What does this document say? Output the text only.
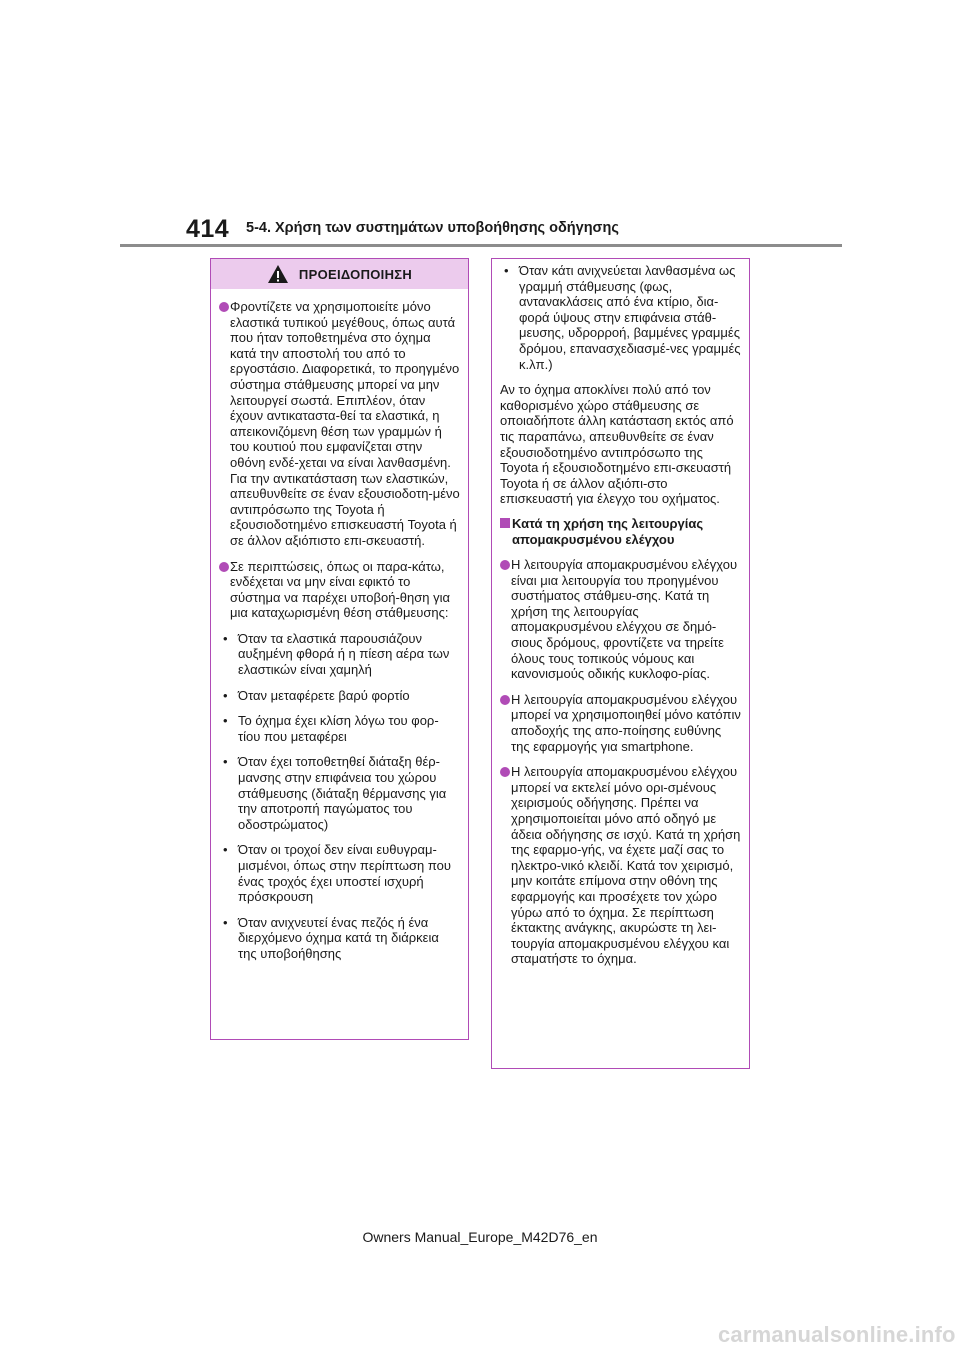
414 5-4. Χρήση των συστημάτων υποβοήθησης οδήγησης
ΠΡΟΕΙΔΟΠΟΙΗΣΗ
Φροντίζετε να χρησιμοποιείτε μόνο ελαστικά τυπικού μεγέθους, όπως αυτά που ήταν τοποθετημένα στο όχημα κατά την αποστολή του από το εργοστάσιο. Διαφορετικά, το προηγμένο σύστημα στάθμευσης μπορεί να μην λειτουργεί σωστά. Επιπλέον, όταν έχουν αντικαταστα-θεί τα ελαστικά, η απεικονιζόμενη θέση των γραμμών ή του κουτιού που εμφανίζεται στην οθόνη ενδέ-χεται να είναι λανθασμένη. Για την αντικατάσταση των ελαστικών, απευθυνθείτε σε έναν εξουσιοδοτη-μένο αντιπρόσωπο της Toyota ή εξουσιοδοτημένο επισκευαστή Toyota ή σε άλλον αξιόπιστο επι-σκευαστή.
Σε περιπτώσεις, όπως οι παρα-κάτω, ενδέχεται να μην είναι εφικτό το σύστημα να παρέχει υποβοή-θηση για μια καταχωρισμένη θέση στάθμευσης:
• Όταν τα ελαστικά παρουσιάζουν αυξημένη φθορά ή η πίεση αέρα των ελαστικών είναι χαμηλή
• Όταν μεταφέρετε βαρύ φορτίο
• Το όχημα έχει κλίση λόγω του φορ-τίου που μεταφέρει
• Όταν έχει τοποθετηθεί διάταξη θέρ-μανσης στην επιφάνεια του χώρου στάθμευσης (διάταξη θέρμανσης για την αποτροπή παγώματος του οδοστρώματος)
• Όταν οι τροχοί δεν είναι ευθυγραμ-μισμένοι, όπως στην περίπτωση που ένας τροχός έχει υποστεί ισχυρή πρόσκρουση
• Όταν ανιχνευτεί ένας πεζός ή ένα διερχόμενο όχημα κατά τη διάρκεια της υποβοήθησης
• Όταν κάτι ανιχνεύεται λανθασμένα ως γραμμή στάθμευσης (φως, αντανακλάσεις από ένα κτίριο, δια-φορά ύψους στην επιφάνεια στάθ-μευσης, υδρορροή, βαμμένες γραμμές δρόμου, επανασχεδιασμέ-νες γραμμές κ.λπ.)
Αν το όχημα αποκλίνει πολύ από τον καθορισμένο χώρο στάθμευσης σε οποιαδήποτε άλλη κατάσταση εκτός από τις παραπάνω, απευθυνθείτε σε έναν εξουσιοδοτημένο αντιπρόσωπο της Toyota ή εξουσιοδοτημένο επι-σκευαστή Toyota ή σε άλλον αξιόπι-στο επισκευαστή για έλεγχο του οχήματος.
Κατά τη χρήση της λειτουργίας απομακρυσμένου ελέγχου
Η λειτουργία απομακρυσμένου ελέγχου είναι μια λειτουργία του προηγμένου συστήματος στάθμευ-σης. Κατά τη χρήση της λειτουργίας απομακρυσμένου ελέγχου σε δημό-σιους δρόμους, φροντίζετε να τηρείτε όλους τους τοπικούς νόμους και κανονισμούς οδικής κυκλοφο-ρίας.
Η λειτουργία απομακρυσμένου ελέγχου μπορεί να χρησιμοποιηθεί μόνο κατόπιν αποδοχής της απο-ποίησης ευθύνης της εφαρμογής για smartphone.
Η λειτουργία απομακρυσμένου ελέγχου μπορεί να εκτελεί μόνο ορι-σμένους χειρισμούς οδήγησης. Πρέπει να χρησιμοποιείται μόνο από οδηγό με άδεια οδήγησης σε ισχύ. Κατά τη χρήση της εφαρμο-γής, να έχετε μαζί σας το ηλεκτρο-νικό κλειδί. Κατά τον χειρισμό, μην κοιτάτε επίμονα στην οθόνη της εφαρμογής και προσέχετε τον χώρο γύρω από το όχημα. Σε περίπτωση έκτακτης ανάγκης, ακυρώστε τη λει-τουργία απομακρυσμένου ελέγχου και σταματήστε το όχημα.
Owners Manual_Europe_M42D76_en
carmanualsonline.info
